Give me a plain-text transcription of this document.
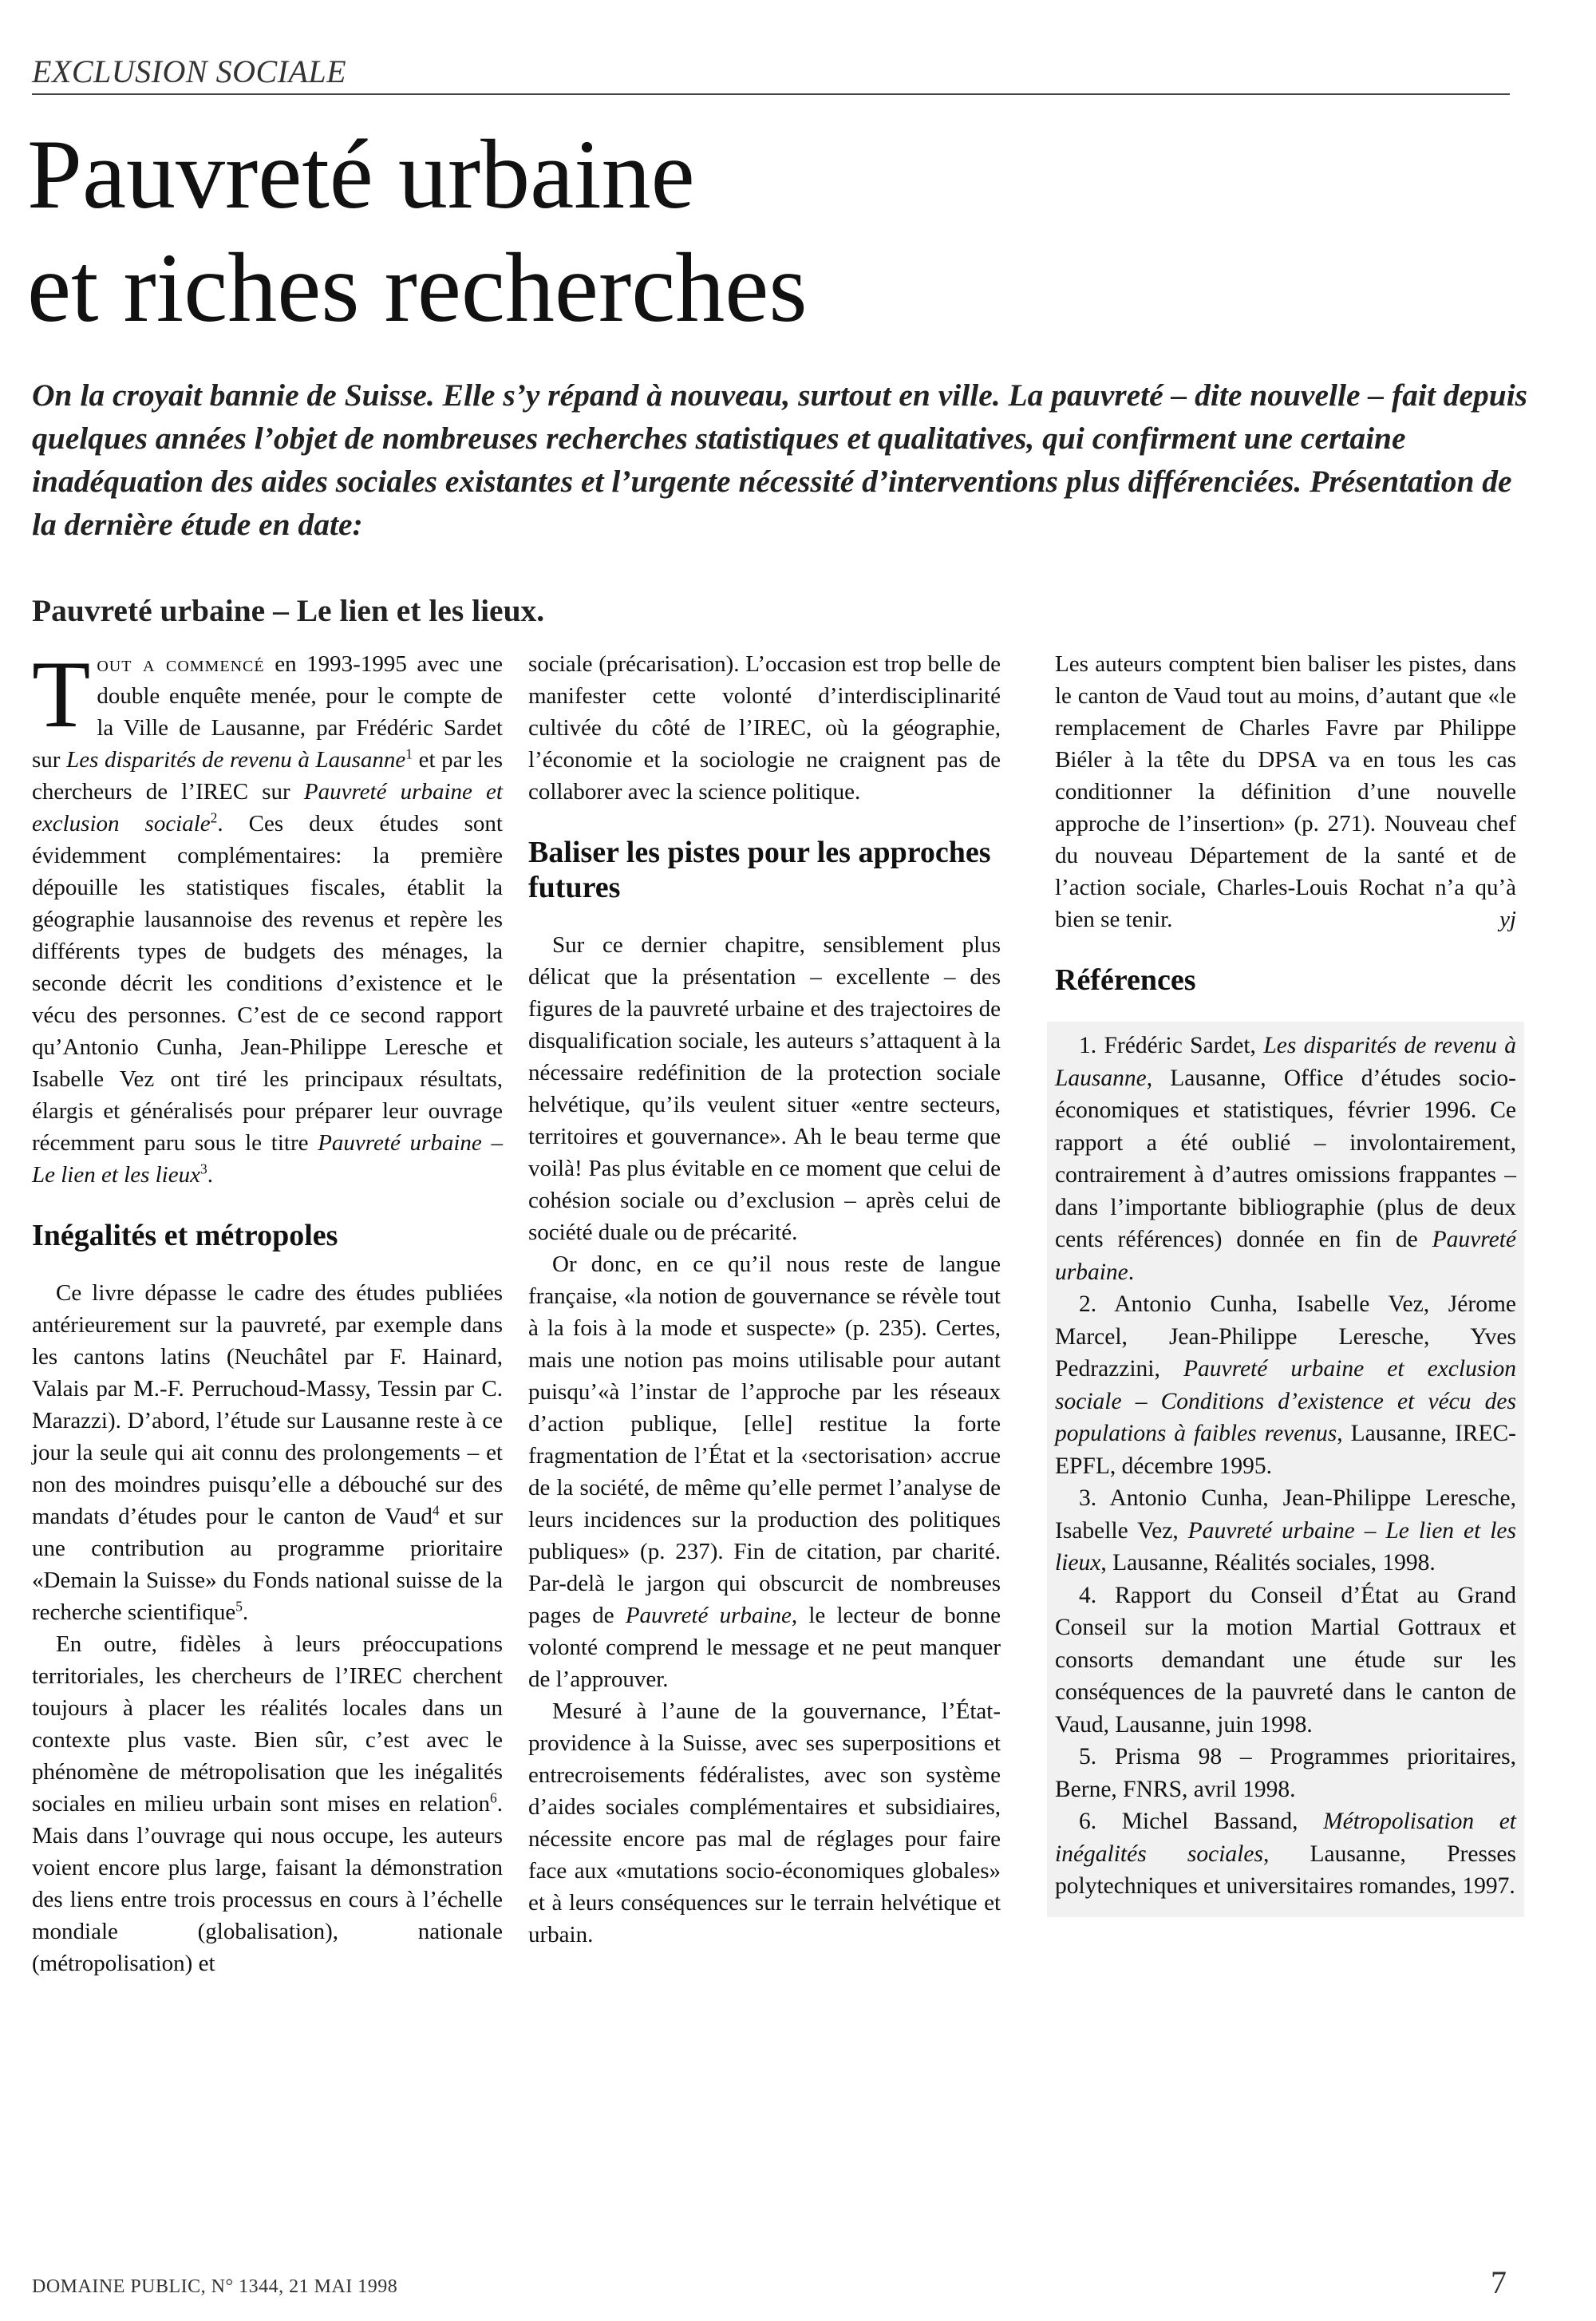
EXCLUSION SOCIALE
Pauvreté urbaine
et riches recherches
On la croyait bannie de Suisse. Elle s’y répand à nouveau, surtout en ville. La pauvreté – dite nouvelle – fait depuis quelques années l’objet de nombreuses recherches statistiques et qualitatives, qui confirment une certaine inadéquation des aides sociales existantes et l’urgente nécessité d’interventions plus différenciées. Présentation de la dernière étude en date:
Pauvreté urbaine – Le lien et les lieux.

Tout a commencé en 1993-1995 avec une double enquête menée, pour le compte de la Ville de Lausanne, par Frédéric Sardet sur Les disparités de revenu à Lausanne$^1$ et par les chercheurs de l’IREC sur Pauvreté urbaine et exclusion sociale$^2$. Ces deux études sont évidemment complémentaires: la première dépouille les statistiques fiscales, établit la géographie lausannoise des revenus et repère les différents types de budgets des ménages, la seconde décrit les conditions d’existence et le vécu des personnes. C’est de ce second rapport qu’Antonio Cunha, Jean-Philippe Leresche et Isabelle Vez ont tiré les principaux résultats, élargis et généralisés pour préparer leur ouvrage récemment paru sous le titre Pauvreté urbaine – Le lien et les lieux$^3$.

Inégalités et métropoles

Ce livre dépasse le cadre des études publiées antérieurement sur la pauvreté, par exemple dans les cantons latins (Neuchâtel par F. Hainard, Valais par M.-F. Perruchoud-Massy, Tessin par C. Marazzi). D’abord, l’étude sur Lausanne reste à ce jour la seule qui ait connu des prolongements – et non des moindres puisqu’elle a débouché sur des mandats d’études pour le canton de Vaud$^4$ et sur une contribution au programme prioritaire «Demain la Suisse» du Fonds national suisse de la recherche scientifique$^5$.

En outre, fidèles à leurs préoccupations territoriales, les chercheurs de l’IREC cherchent toujours à placer les réalités locales dans un contexte plus vaste. Bien sûr, c’est avec le phénomène de métropolisation que les inégalités sociales en milieu urbain sont mises en relation$^6$. Mais dans l’ouvrage qui nous occupe, les auteurs voient encore plus large, faisant la démonstration des liens entre trois processus en cours à l’échelle mondiale (globalisation), nationale (métropolisation) et

sociale (précarisation). L’occasion est trop belle de manifester cette volonté d’interdisciplinarité cultivée du côté de l’IREC, où la géographie, l’économie et la sociologie ne craignent pas de collaborer avec la science politique.

Baliser les pistes pour les approches futures

Sur ce dernier chapitre, sensiblement plus délicat que la présentation – excellente – des figures de la pauvreté urbaine et des trajectoires de disqualification sociale, les auteurs s’attaquent à la nécessaire redéfinition de la protection sociale helvétique, qu’ils veulent situer «entre secteurs, territoires et gouvernance». Ah le beau terme que voilà! Pas plus évitable en ce moment que celui de cohésion sociale ou d’exclusion – après celui de société duale ou de précarité.

Or donc, en ce qu’il nous reste de langue française, «la notion de gouvernance se révèle tout à la fois à la mode et suspecte» (p. 235). Certes, mais une notion pas moins utilisable pour autant puisqu’«à l’instar de l’approche par les réseaux d’action publique, [elle] restitue la forte fragmentation de l’État et la ‹sectorisation› accrue de la société, de même qu’elle permet l’analyse de leurs incidences sur la production des politiques publiques» (p. 237). Fin de citation, par charité. Par-delà le jargon qui obscurcit de nombreuses pages de Pauvreté urbaine, le lecteur de bonne volonté comprend le message et ne peut manquer de l’approuver.

Mesuré à l’aune de la gouvernance, l’État-providence à la Suisse, avec ses superpositions et entrecroisements fédéralistes, avec son système d’aides sociales complémentaires et subsidiaires, nécessite encore pas mal de réglages pour faire face aux «mutations socio-économiques globales» et à leurs conséquences sur le terrain helvétique et urbain.

Les auteurs comptent bien baliser les pistes, dans le canton de Vaud tout au moins, d’autant que «le remplacement de Charles Favre par Philippe Biéler à la tête du DPSA va en tous les cas conditionner la définition d’une nouvelle approche de l’insertion» (p. 271). Nouveau chef du nouveau Département de la santé et de l’action sociale, Charles-Louis Rochat n’a qu’à bien se tenir.	yj

Références

1. Frédéric Sardet, Les disparités de revenu à Lausanne, Lausanne, Office d’études socio-économiques et statistiques, février 1996. Ce rapport a été oublié – involontairement, contrairement à d’autres omissions frappantes – dans l’importante bibliographie (plus de deux cents références) donnée en fin de Pauvreté urbaine.

2. Antonio Cunha, Isabelle Vez, Jérome Marcel, Jean-Philippe Leresche, Yves Pedrazzini, Pauvreté urbaine et exclusion sociale – Conditions d’existence et vécu des populations à faibles revenus, Lausanne, IREC-EPFL, décembre 1995.

3. Antonio Cunha, Jean-Philippe Leresche, Isabelle Vez, Pauvreté urbaine – Le lien et les lieux, Lausanne, Réalités sociales, 1998.

4. Rapport du Conseil d’État au Grand Conseil sur la motion Martial Gottraux et consorts demandant une étude sur les conséquences de la pauvreté dans le canton de Vaud, Lausanne, juin 1998.

5. Prisma 98 – Programmes prioritaires, Berne, FNRS, avril 1998.

6. Michel Bassand, Métropolisation et inégalités sociales, Lausanne, Presses polytechniques et universitaires romandes, 1997.

DOMAINE PUBLIC, N° 1344, 21 MAI 1998	7
